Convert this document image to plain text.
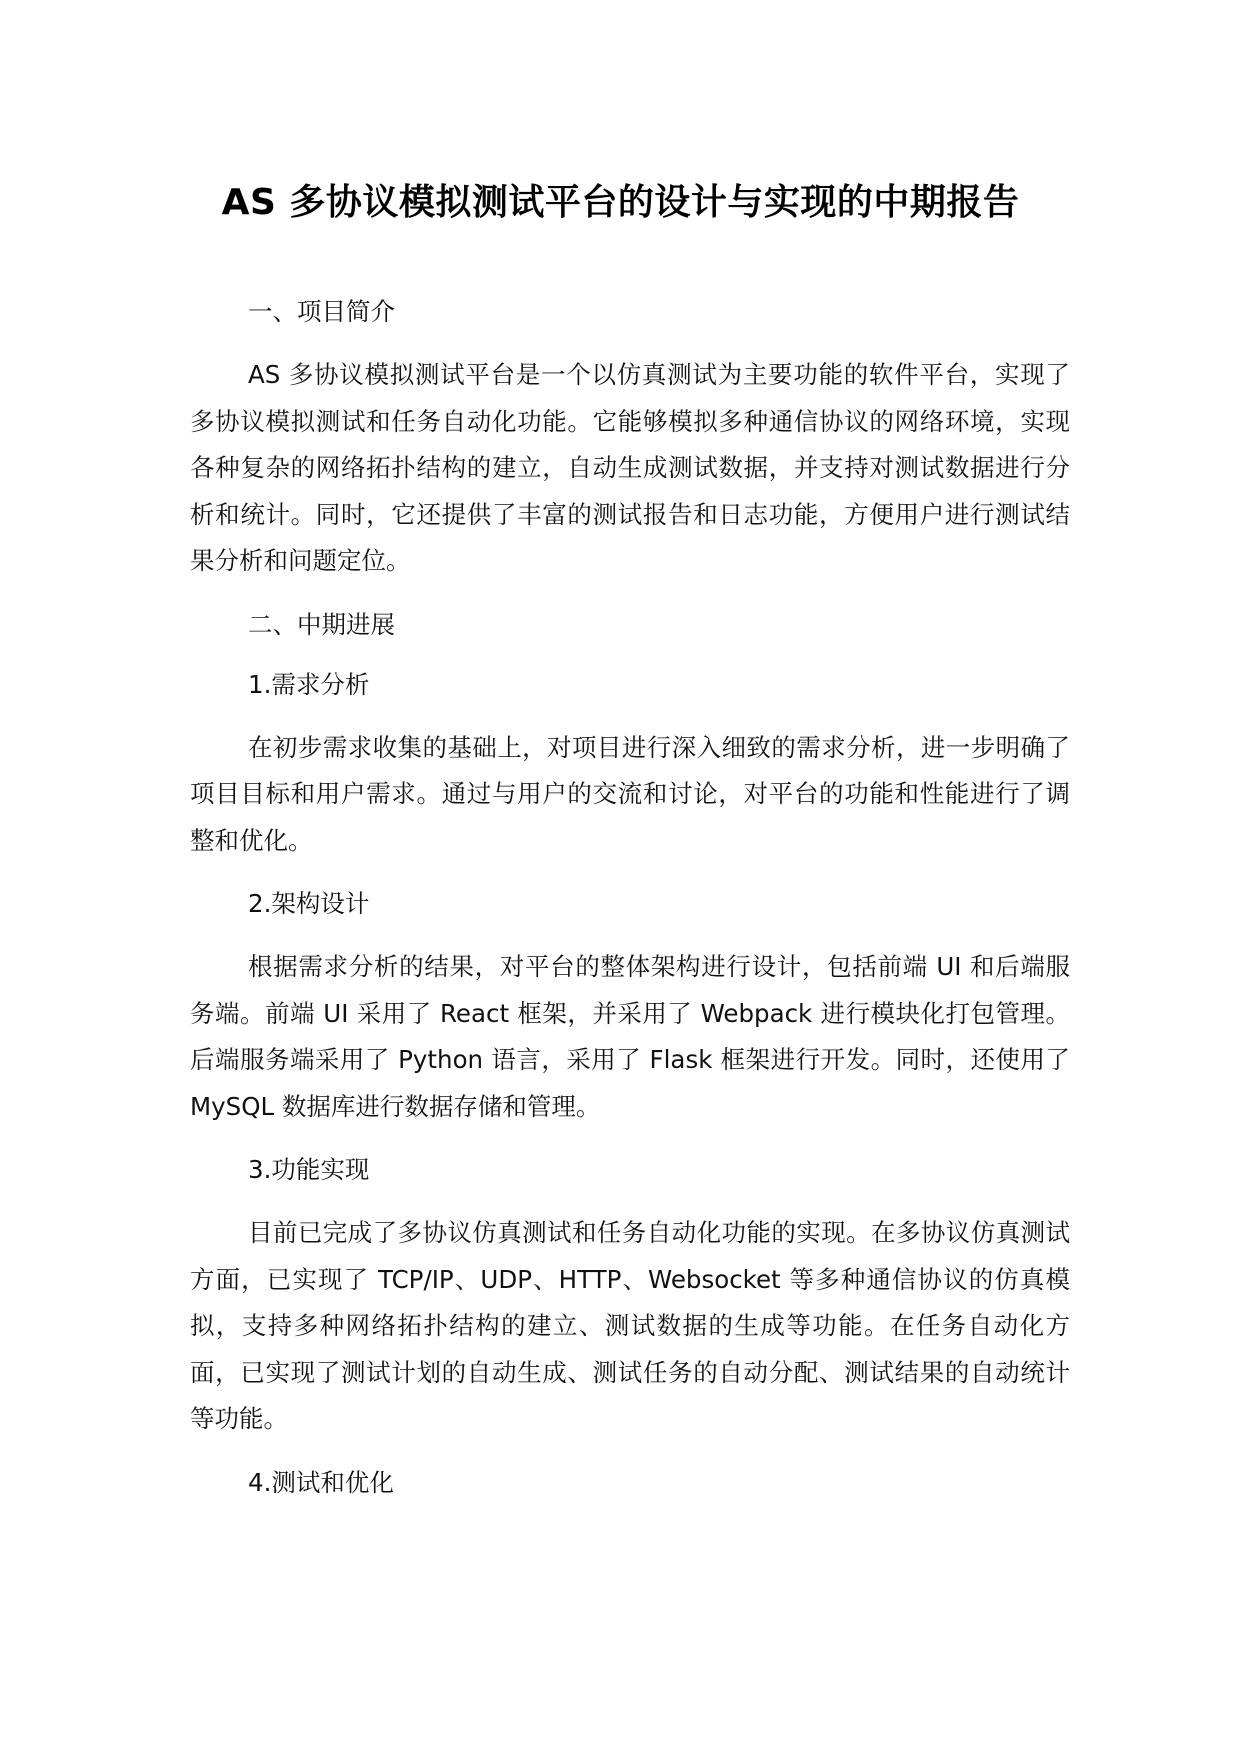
AS 多协议模拟测试平台的设计与实现的中期报告

一、项目简介

AS 多协议模拟测试平台是一个以仿真测试为主要功能的软件平台，实现了多协议模拟测试和任务自动化功能。它能够模拟多种通信协议的网络环境，实现各种复杂的网络拓扑结构的建立，自动生成测试数据，并支持对测试数据进行分析和统计。同时，它还提供了丰富的测试报告和日志功能，方便用户进行测试结果分析和问题定位。

二、中期进展

1.需求分析

在初步需求收集的基础上，对项目进行深入细致的需求分析，进一步明确了项目目标和用户需求。通过与用户的交流和讨论，对平台的功能和性能进行了调整和优化。

2.架构设计

根据需求分析的结果，对平台的整体架构进行设计，包括前端 UI 和后端服务端。前端 UI 采用了 React 框架，并采用了 Webpack 进行模块化打包管理。后端服务端采用了 Python 语言，采用了 Flask 框架进行开发。同时，还使用了 MySQL 数据库进行数据存储和管理。

3.功能实现

目前已完成了多协议仿真测试和任务自动化功能的实现。在多协议仿真测试方面，已实现了 TCP/IP、UDP、HTTP、Websocket 等多种通信协议的仿真模拟，支持多种网络拓扑结构的建立、测试数据的生成等功能。在任务自动化方面，已实现了测试计划的自动生成、测试任务的自动分配、测试结果的自动统计等功能。

4.测试和优化
